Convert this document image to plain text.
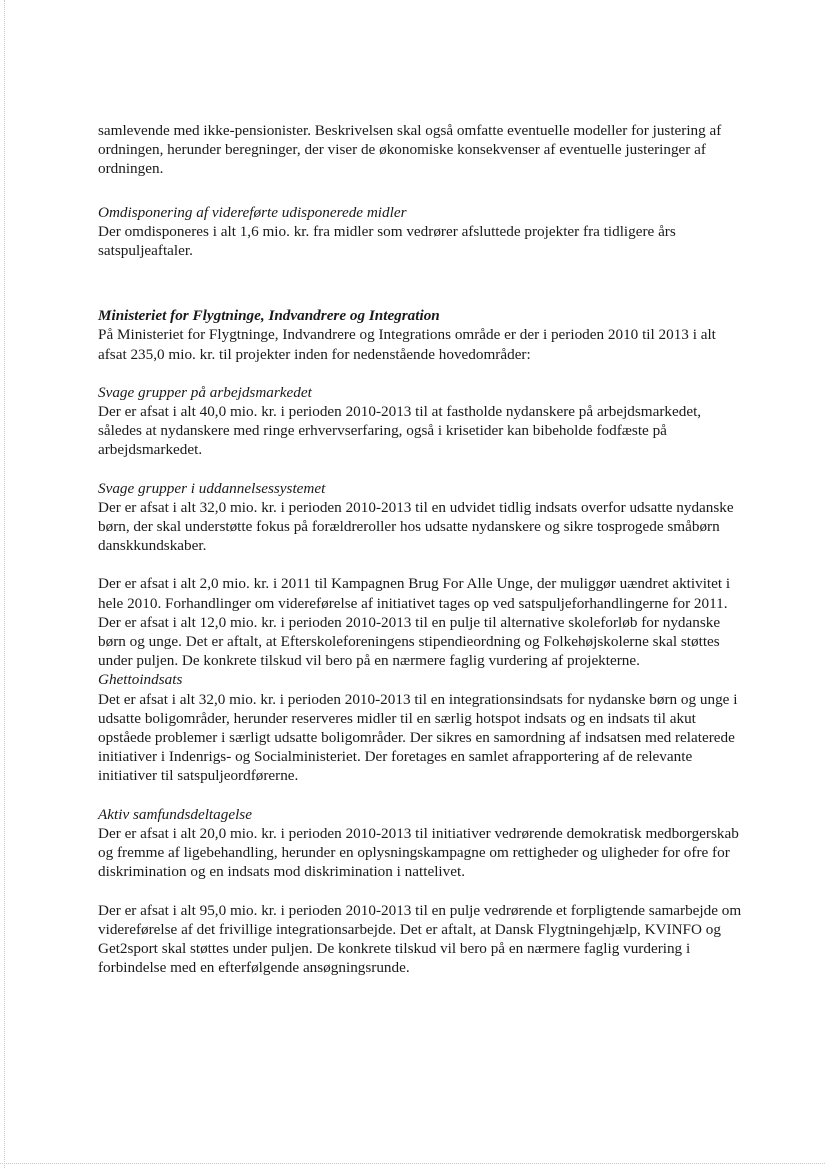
samlevende med ikke-pensionister. Beskrivelsen skal også omfatte eventuelle modeller for justering af ordningen, herunder beregninger, der viser de økonomiske konsekvenser af eventuelle justeringer af ordningen.

Omdisponering af videreførte udisponerede midler

Der omdisponeres i alt 1,6 mio. kr. fra midler som vedrører afsluttede projekter fra tidligere års satspuljeaftaler.

Ministeriet for Flygtninge, Indvandrere og Integration

På Ministeriet for Flygtninge, Indvandrere og Integrations område er der i perioden 2010 til 2013 i alt afsat 235,0 mio. kr. til projekter inden for nedenstående hovedområder:

Svage grupper på arbejdsmarkedet

Der er afsat i alt 40,0 mio. kr. i perioden 2010-2013 til at fastholde nydanskere på arbejdsmarkedet, således at nydanskere med ringe erhvervserfaring, også i krisetider kan bibeholde fodfæste på arbejdsmarkedet.

Svage grupper i uddannelsessystemet

Der er afsat i alt 32,0 mio. kr. i perioden 2010-2013 til en udvidet tidlig indsats overfor udsatte nydanske børn, der skal understøtte fokus på forældreroller hos udsatte nydanskere og sikre tosprogede småbørn danskkundskaber.

Der er afsat i alt 2,0 mio. kr. i 2011 til Kampagnen Brug For Alle Unge, der muliggør uændret aktivitet i hele 2010. Forhandlinger om videreførelse af initiativet tages op ved satspuljeforhandlingerne for 2011.

Der er afsat i alt 12,0 mio. kr. i perioden 2010-2013 til en pulje til alternative skoleforløb for nydanske børn og unge. Det er aftalt, at Efterskoleforeningens stipendieordning og Folkehøjskolerne skal støttes under puljen. De konkrete tilskud vil bero på en nærmere faglig vurdering af projekterne.

Ghettoindsats

Det er afsat i alt 32,0 mio. kr. i perioden 2010-2013 til en integrationsindsats for nydanske børn og unge i udsatte boligområder, herunder reserveres midler til en særlig hotspot indsats og en indsats til akut opståede problemer i særligt udsatte boligområder. Der sikres en samordning af indsatsen med relaterede initiativer i Indenrigs- og Socialministeriet. Der foretages en samlet afrapportering af de relevante initiativer til satspuljeordførerne.

Aktiv samfundsdeltagelse

Der er afsat i alt 20,0 mio. kr. i perioden 2010-2013 til initiativer vedrørende demokratisk medborgerskab og fremme af ligebehandling, herunder en oplysningskampagne om rettigheder og uligheder for ofre for diskrimination og en indsats mod diskrimination i nattelivet.

Der er afsat i alt 95,0 mio. kr. i perioden 2010-2013 til en pulje vedrørende et forpligtende samarbejde om videreførelse af det frivillige integrationsarbejde. Det er aftalt, at Dansk Flygtningehjælp, KVINFO og Get2sport skal støttes under puljen. De konkrete tilskud vil bero på en nærmere faglig vurdering i forbindelse med en efterfølgende ansøgningsrunde.
